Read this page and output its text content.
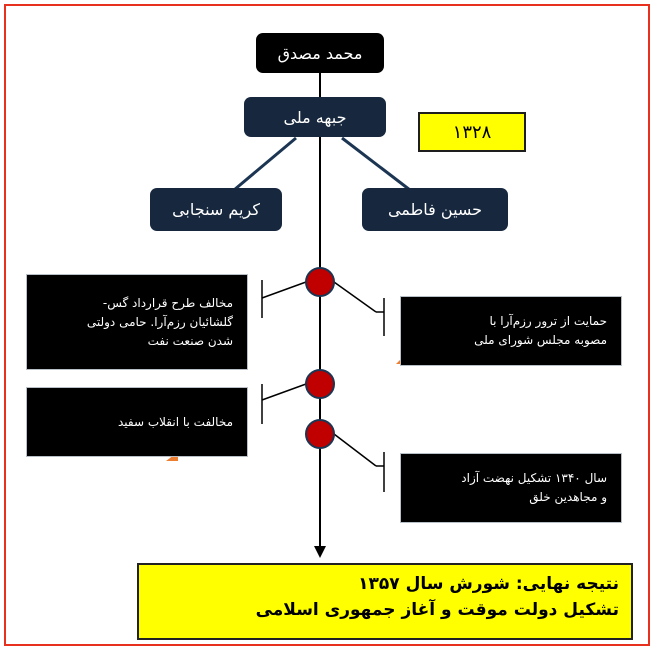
محمد مصدق
جبهه ملی
۱۳۲۸
کریم سنجابی	حسین فاطمی
مخالف طرح قرارداد گس-
گلشائیان رزم‌آرا. حامی دولتی
شدن صنعت نفت
حمایت از ترور رزم‌آرا با
مصوبه مجلس شورای ملی
مخالفت با انقلاب سفید
سال ۱۳۴۰ تشکیل نهضت آزاد
و مجاهدین خلق
نتیجه نهایی: شورش سال ۱۳۵۷
تشکیل دولت موقت و آغاز جمهوری اسلامی
